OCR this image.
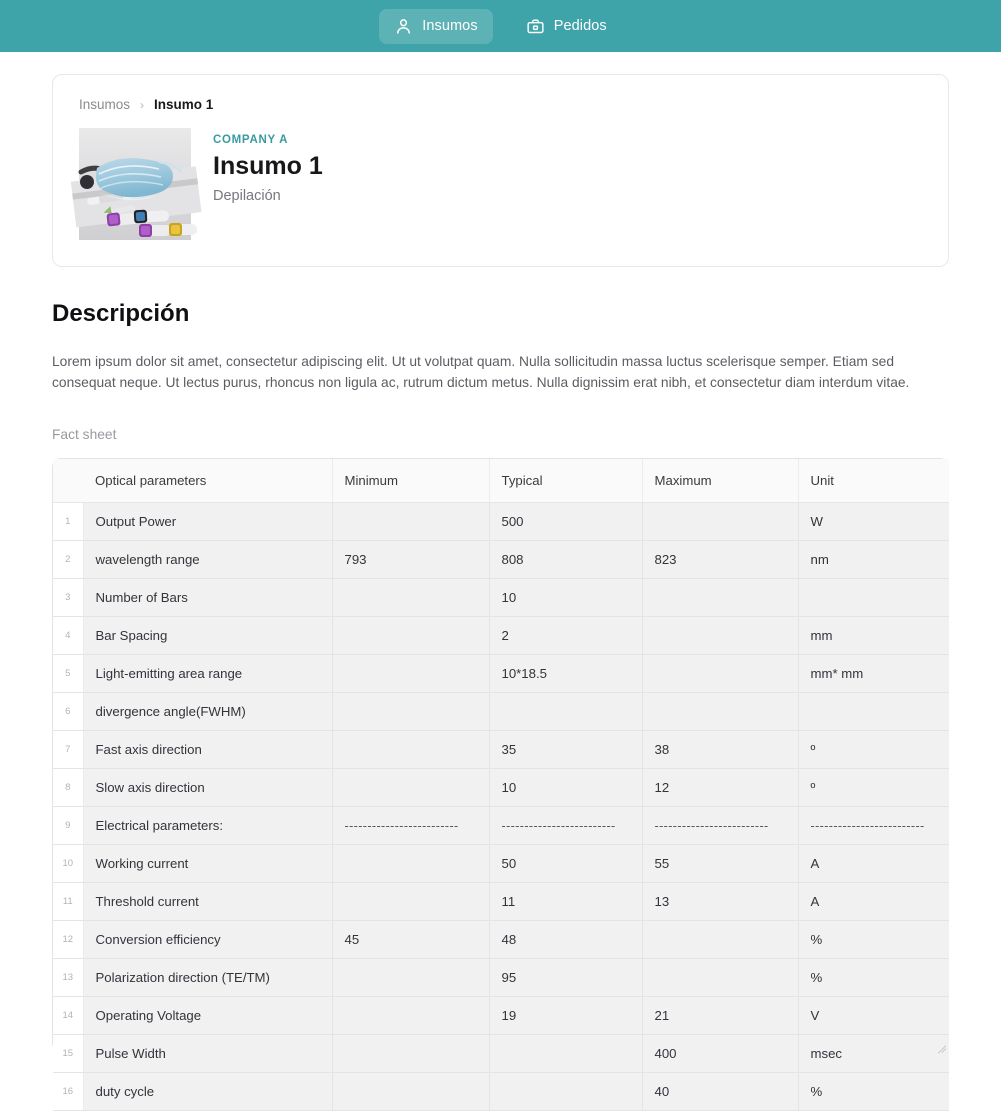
Insumos	Pedidos
Insumos › Insumo 1
COMPANY A
Insumo 1
Depilación
Descripción

Lorem ipsum dolor sit amet, consectetur adipiscing elit. Ut ut volutpat quam. Nulla sollicitudin massa luctus scelerisque semper. Etiam sed consequat neque. Ut lectus purus, rhoncus non ligula ac, rutrum dictum metus. Nulla dignissim erat nibh, et consectetur diam interdum vitae.

Fact sheet
	Optical parameters	Minimum	Typical	Maximum	Unit
1	Output Power		500		W
2	wavelength range	793	808	823	nm
3	Number of Bars		10		
4	Bar Spacing		2		mm
5	Light-emitting area range		10*18.5		mm* mm
6	divergence angle(FWHM)				
7	Fast axis direction		35	38	º
8	Slow axis direction		10	12	º
9	Electrical parameters:	-------------------------	-------------------------	-------------------------	-------------------------
10	Working current		50	55	A
11	Threshold current		11	13	A
12	Conversion efficiency	45	48		%
13	Polarization direction (TE/TM)		95		%
14	Operating Voltage		19	21	V
15	Pulse Width			400	msec
16	duty cycle			40	%
